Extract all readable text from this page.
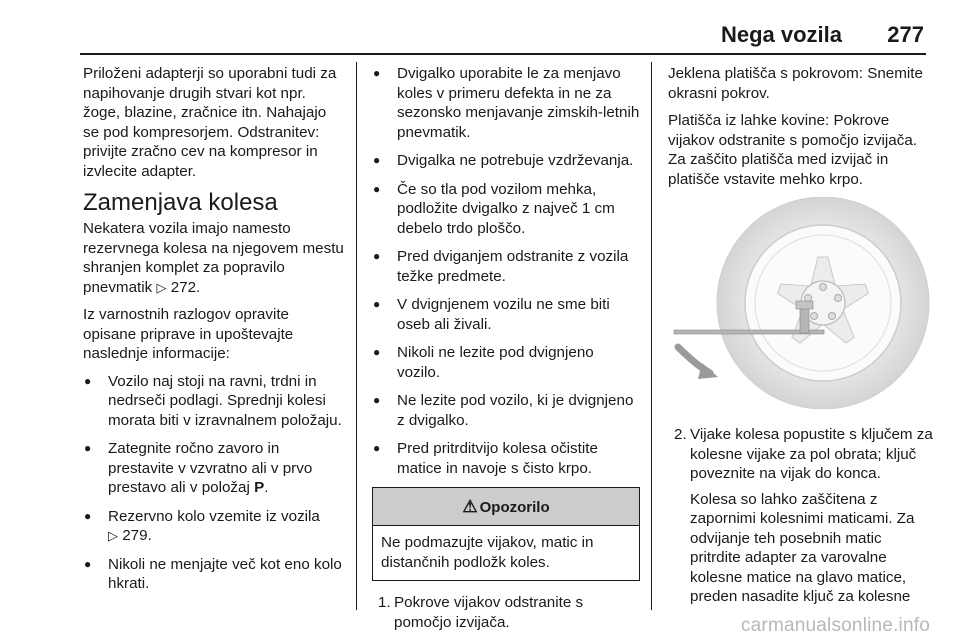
Nega vozila 277

Priloženi adapterji so uporabni tudi za napihovanje drugih stvari kot npr. žoge, blazine, zračnice itn. Nahajajo se pod kompresorjem. Odstranitev: privijte zračno cev na kompresor in izvlecite adapter.

Zamenjava kolesa

Nekatera vozila imajo namesto rezervnega kolesa na njegovem mestu shranjen komplet za popravilo pnevmatik ▷ 272.

Iz varnostnih razlogov opravite opisane priprave in upoštevajte naslednje informacije:

● Vozilo naj stoji na ravni, trdni in nedrseči podlagi. Sprednji kolesi morata biti v izravnalnem položaju.
● Zategnite ročno zavoro in prestavite v vzvratno ali v prvo prestavo ali v položaj P.
● Rezervno kolo vzemite iz vozila
▷ 279.
● Nikoli ne menjajte več kot eno kolo hkrati.
● Dvigalko uporabite le za menjavo koles v primeru defekta in ne za sezonsko menjavanje zimskih-letnih pnevmatik.
● Dvigalka ne potrebuje vzdrževanja.
● Če so tla pod vozilom mehka, podložite dvigalko z največ 1 cm debelo trdo ploščo.
● Pred dviganjem odstranite z vozila težke predmete.
● V dvignjenem vozilu ne sme biti oseb ali živali.
● Nikoli ne lezite pod dvignjeno vozilo.
● Ne lezite pod vozilo, ki je dvignjeno z dvigalko.
● Pred pritrditvijo kolesa očistite matice in navoje s čisto krpo.
⚠ Opozorilo
Ne podmazujte vijakov, matic in distančnih podložk koles.
1. Pokrove vijakov odstranite s pomočjo izvijača.

Jeklena platišča s pokrovom: Snemite okrasni pokrov.

Platišča iz lahke kovine: Pokrove vijakov odstranite s pomočjo izvijača. Za zaščito platišča med izvijač in platišče vstavite mehko krpo.

2. Vijake kolesa popustite s ključem za kolesne vijake za pol obrata; ključ poveznite na vijak do konca.

Kolesa so lahko zaščitena z zapornimi kolesnimi maticami. Za odvijanje teh posebnih matic pritrdite adapter za varovalne kolesne matice na glavo matice, preden nasadite ključ za kolesne

carmanualsonline.info
